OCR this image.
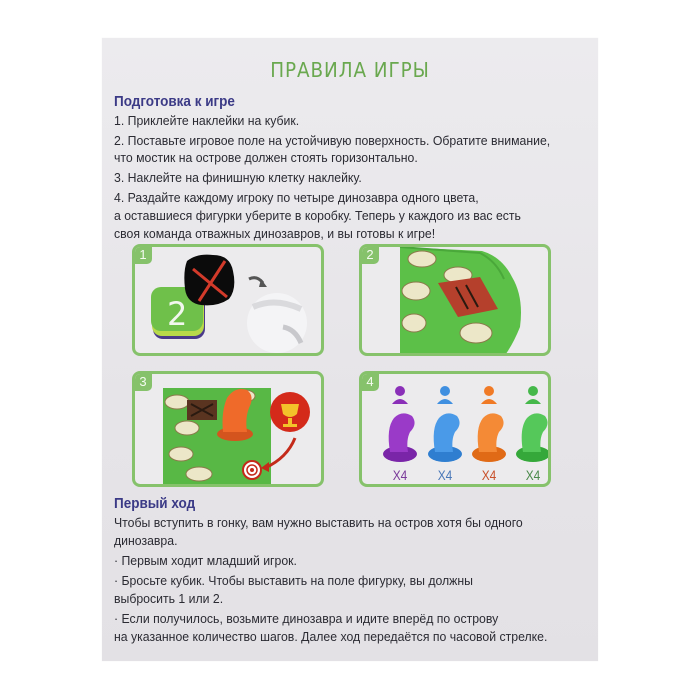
ПРАВИЛА ИГРЫ
Подготовка к игре
1. Приклейте наклейки на кубик.
2. Поставьте игровое поле на устойчивую поверхность. Обратите внимание,
что мостик на острове должен стоять горизонтально.
3. Наклейте на финишную клетку наклейку.
4. Раздайте каждому игроку по четыре динозавра одного цвета,
а оставшиеся фигурки уберите в коробку. Теперь у каждого из вас есть
своя команда отважных динозавров, и вы готовы к игре!
1
2
2
3	4
X4	X4	X4	X4
Первый ход
Чтобы вступить в гонку, вам нужно выставить на остров хотя бы одного
динозавра.
· Первым ходит младший игрок.
· Бросьте кубик. Чтобы выставить на поле фигурку, вы должны
выбросить 1 или 2.
· Если получилось, возьмите динозавра и идите вперёд по острову
на указанное количество шагов. Далее ход передаётся по часовой стрелке.
